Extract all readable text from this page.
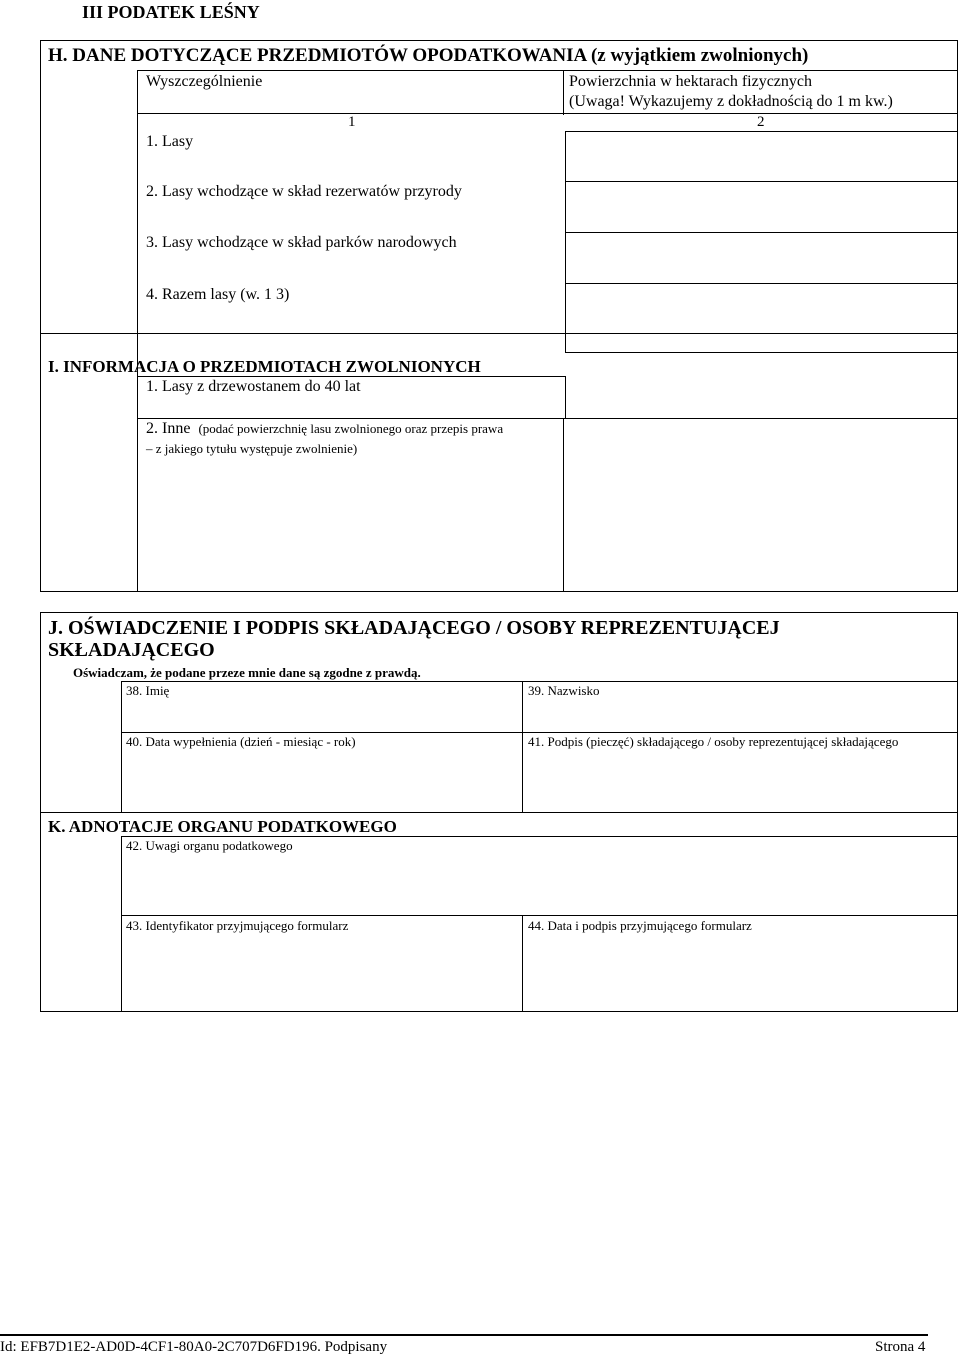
III PODATEK LEŚNY
H. DANE DOTYCZĄCE PRZEDMIOTÓW OPODATKOWANIA (z wyjątkiem zwolnionych)
Wyszczególnienie	Powierzchnia w hektarach fizycznych
(Uwaga! Wykazujemy z dokładnością do 1 m kw.)
1	2
1. Lasy
2. Lasy wchodzące w skład rezerwatów przyrody
3. Lasy wchodzące w skład parków narodowych
4. Razem lasy (w. 1 3)
I. INFORMACJA O PRZEDMIOTACH ZWOLNIONYCH
1. Lasy z drzewostanem do 40 lat
2. Inne (podać powierzchnię lasu zwolnionego oraz przepis prawa
– z jakiego tytułu występuje zwolnienie)
J. OŚWIADCZENIE I PODPIS SKŁADAJĄCEGO / OSOBY REPREZENTUJĄCEJ
SKŁADAJĄCEGO
Oświadczam, że podane przeze mnie dane są zgodne z prawdą.
38. Imię	39. Nazwisko
40. Data wypełnienia (dzień - miesiąc - rok)	41. Podpis (pieczęć) składającego / osoby reprezentującej składającego
K. ADNOTACJE ORGANU PODATKOWEGO
42. Uwagi organu podatkowego
43. Identyfikator przyjmującego formularz	44. Data i podpis przyjmującego formularz
Id: EFB7D1E2-AD0D-4CF1-80A0-2C707D6FD196. Podpisany	Strona 4
